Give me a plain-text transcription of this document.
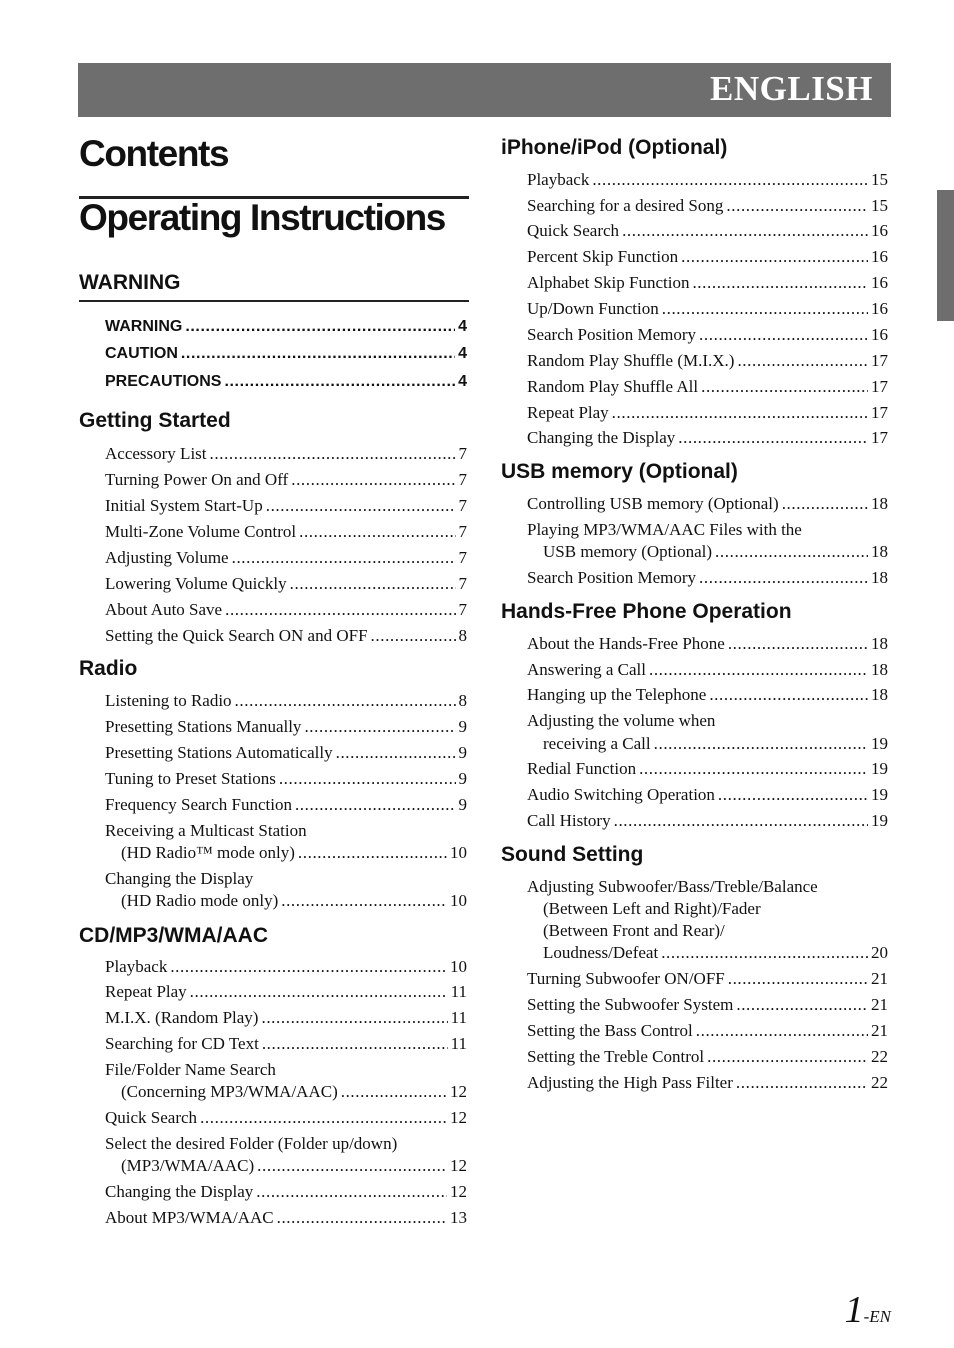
ENGLISH
Contents
Operating Instructions
WARNING
WARNING .....	4
CAUTION .....	4
PRECAUTIONS .....	4
Getting Started
Accessory List .....	7
Turning Power On and Off .....	7
Initial System Start-Up .....	7
Multi-Zone Volume Control .....	7
Adjusting Volume .....	7
Lowering Volume Quickly .....	7
About Auto Save .....	7
Setting the Quick Search ON and OFF .....	8
Radio
Listening to Radio .....	8
Presetting Stations Manually .....	9
Presetting Stations Automatically .....	9
Tuning to Preset Stations .....	9
Frequency Search Function .....	9
Receiving a Multicast Station
(HD Radio™ mode only) .....	10
Changing the Display
(HD Radio mode only) .....	10
CD/MP3/WMA/AAC
Playback .....	10
Repeat Play .....	11
M.I.X. (Random Play) .....	11
Searching for CD Text .....	11
File/Folder Name Search
(Concerning MP3/WMA/AAC) .....	12
Quick Search .....	12
Select the desired Folder (Folder up/down)
(MP3/WMA/AAC) .....	12
Changing the Display .....	12
About MP3/WMA/AAC .....	13
iPhone/iPod (Optional)
Playback .....	15
Searching for a desired Song .....	15
Quick Search .....	16
Percent Skip Function .....	16
Alphabet Skip Function .....	16
Up/Down Function .....	16
Search Position Memory .....	16
Random Play Shuffle (M.I.X.) .....	17
Random Play Shuffle All .....	17
Repeat Play .....	17
Changing the Display .....	17
USB memory (Optional)
Controlling USB memory (Optional) .....	18
Playing MP3/WMA/AAC Files with the
USB memory (Optional) .....	18
Search Position Memory .....	18
Hands-Free Phone Operation
About the Hands-Free Phone .....	18
Answering a Call .....	18
Hanging up the Telephone .....	18
Adjusting the volume when
receiving a Call .....	19
Redial Function .....	19
Audio Switching Operation .....	19
Call History .....	19
Sound Setting
Adjusting Subwoofer/Bass/Treble/Balance
(Between Left and Right)/Fader
(Between Front and Rear)/
Loudness/Defeat .....	20
Turning Subwoofer ON/OFF .....	21
Setting the Subwoofer System .....	21
Setting the Bass Control .....	21
Setting the Treble Control .....	22
Adjusting the High Pass Filter .....	22
1-EN
